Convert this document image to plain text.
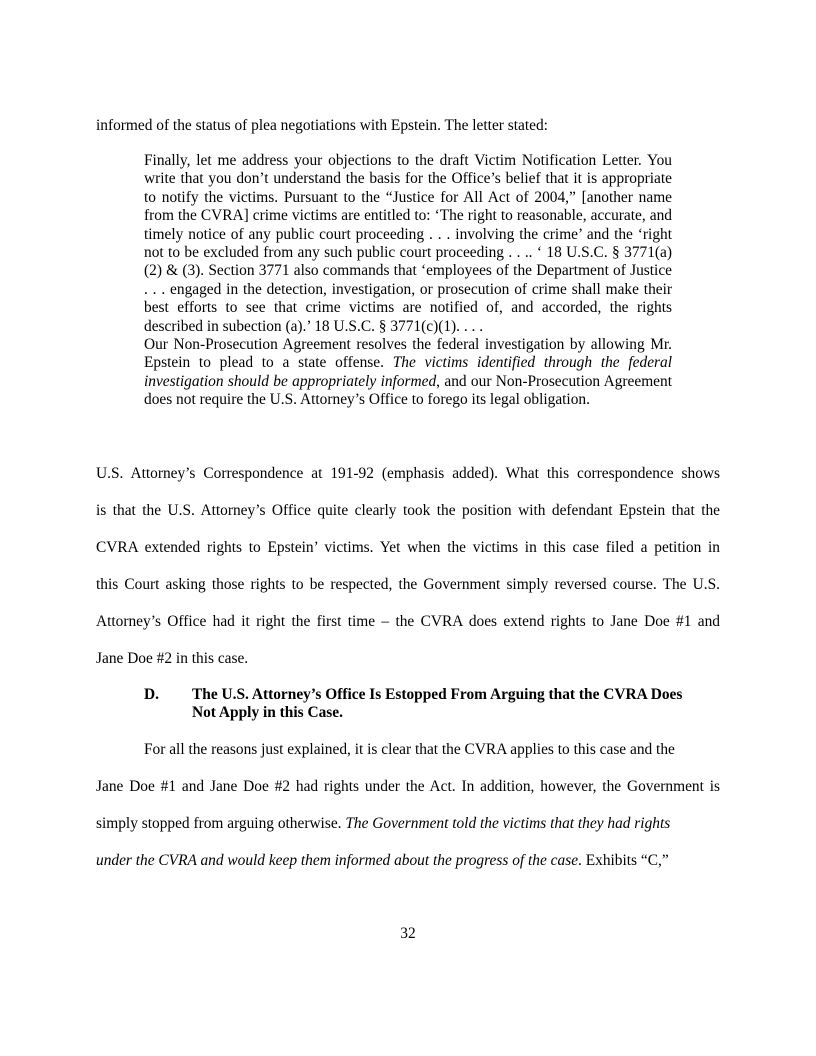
informed of the status of plea negotiations with Epstein. The letter stated:

Finally, let me address your objections to the draft Victim Notification Letter. You write that you don’t understand the basis for the Office’s belief that it is appropriate to notify the victims. Pursuant to the “Justice for All Act of 2004,” [another name from the CVRA] crime victims are entitled to: ‘The right to reasonable, accurate, and timely notice of any public court proceeding . . . involving the crime’ and the ‘right not to be excluded from any such public court proceeding . . .. ‘ 18 U.S.C. § 3771(a)(2) & (3). Section 3771 also commands that ‘employees of the Department of Justice . . . engaged in the detection, investigation, or prosecution of crime shall make their best efforts to see that crime victims are notified of, and accorded, the rights described in subection (a).’ 18 U.S.C. § 3771(c)(1). . . .

Our Non-Prosecution Agreement resolves the federal investigation by allowing Mr. Epstein to plead to a state offense. The victims identified through the federal investigation should be appropriately informed, and our Non-Prosecution Agreement does not require the U.S. Attorney’s Office to forego its legal obligation.

U.S. Attorney’s Correspondence at 191-92 (emphasis added). What this correspondence shows
is that the U.S. Attorney’s Office quite clearly took the position with defendant Epstein that the
CVRA extended rights to Epstein’ victims. Yet when the victims in this case filed a petition in
this Court asking those rights to be respected, the Government simply reversed course. The U.S.
Attorney’s Office had it right the first time – the CVRA does extend rights to Jane Doe #1 and
Jane Doe #2 in this case.
D. The U.S. Attorney’s Office Is Estopped From Arguing that the CVRA Does
Not Apply in this Case.
For all the reasons just explained, it is clear that the CVRA applies to this case and the
Jane Doe #1 and Jane Doe #2 had rights under the Act. In addition, however, the Government is
simply stopped from arguing otherwise. The Government told the victims that they had rights
under the CVRA and would keep them informed about the progress of the case. Exhibits “C,”
32
